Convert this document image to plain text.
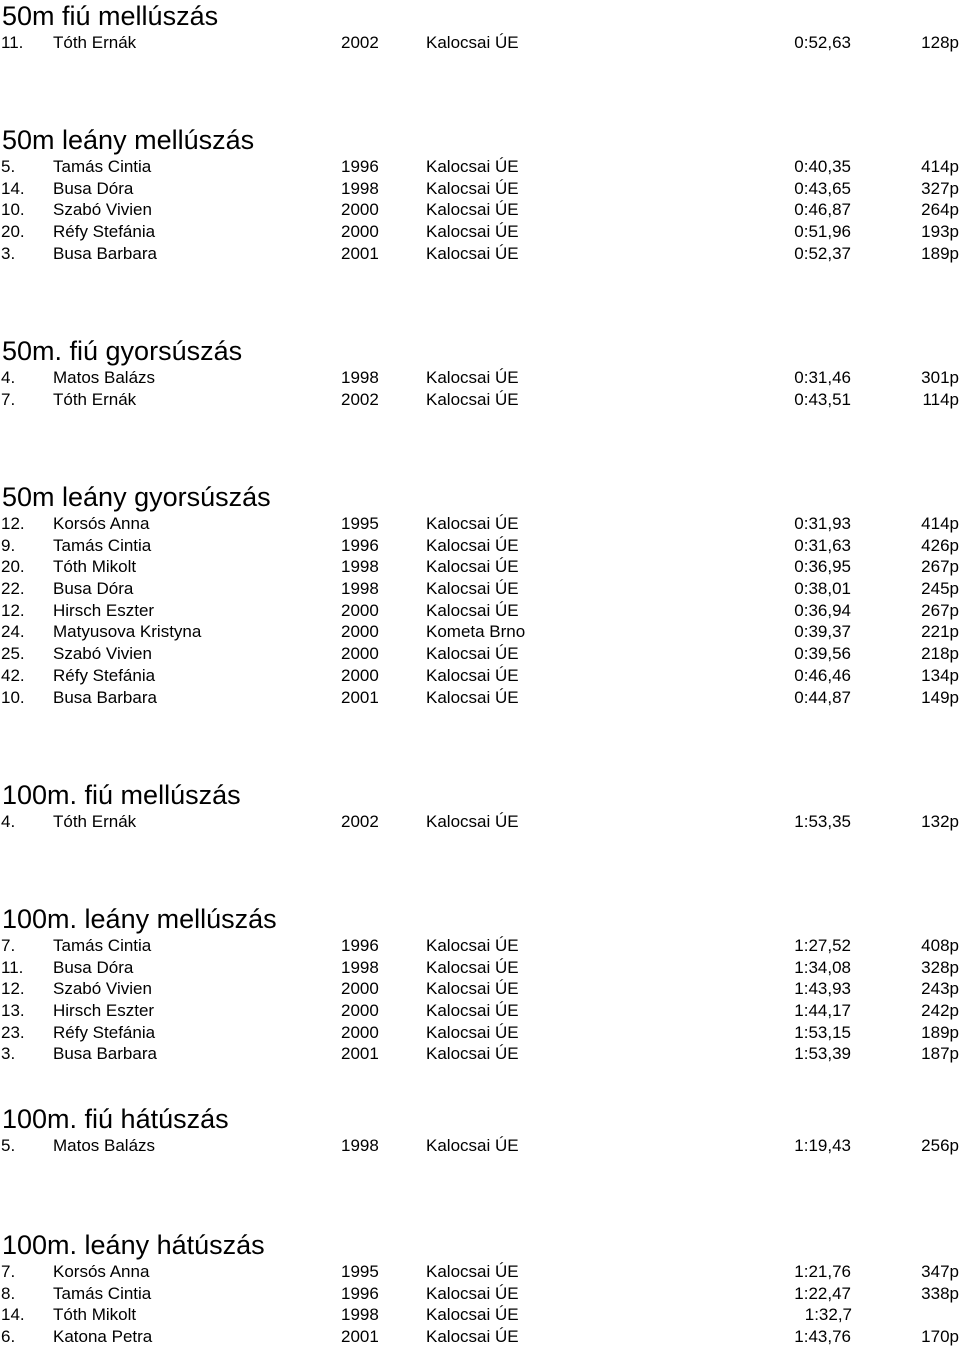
50m fiú mellúszás
11. Tóth Ernák	2002	Kalocsai ÚE	0:52,63	128p
50m leány mellúszás
5. Tamás Cintia	1996	Kalocsai ÚE	0:40,35	414p
14. Busa Dóra	1998	Kalocsai ÚE	0:43,65	327p
10. Szabó Vivien	2000	Kalocsai ÚE	0:46,87	264p
20. Réfy Stefánia	2000	Kalocsai ÚE	0:51,96	193p
3. Busa Barbara	2001	Kalocsai ÚE	0:52,37	189p
50m. fiú gyorsúszás
4. Matos Balázs	1998	Kalocsai ÚE	0:31,46	301p
7. Tóth Ernák	2002	Kalocsai ÚE	0:43,51	114p
50m leány gyorsúszás
12. Korsós Anna	1995	Kalocsai ÚE	0:31,93	414p
9. Tamás Cintia	1996	Kalocsai ÚE	0:31,63	426p
20. Tóth Mikolt	1998	Kalocsai ÚE	0:36,95	267p
22. Busa Dóra	1998	Kalocsai ÚE	0:38,01	245p
12. Hirsch Eszter	2000	Kalocsai ÚE	0:36,94	267p
24. Matyusova Kristyna	2000	Kometa Brno	0:39,37	221p
25. Szabó Vivien	2000	Kalocsai ÚE	0:39,56	218p
42. Réfy Stefánia	2000	Kalocsai ÚE	0:46,46	134p
10. Busa Barbara	2001	Kalocsai ÚE	0:44,87	149p
100m. fiú mellúszás
4. Tóth Ernák	2002	Kalocsai ÚE	1:53,35	132p
100m. leány mellúszás
7. Tamás Cintia	1996	Kalocsai ÚE	1:27,52	408p
11. Busa Dóra	1998	Kalocsai ÚE	1:34,08	328p
12. Szabó Vivien	2000	Kalocsai ÚE	1:43,93	243p
13. Hirsch Eszter	2000	Kalocsai ÚE	1:44,17	242p
23. Réfy Stefánia	2000	Kalocsai ÚE	1:53,15	189p
3. Busa Barbara	2001	Kalocsai ÚE	1:53,39	187p
100m. fiú hátúszás
5. Matos Balázs	1998	Kalocsai ÚE	1:19,43	256p
100m. leány hátúszás
7. Korsós Anna	1995	Kalocsai ÚE	1:21,76	347p
8. Tamás Cintia	1996	Kalocsai ÚE	1:22,47	338p
14. Tóth Mikolt	1998	Kalocsai ÚE	1:32,7
6. Katona Petra	2001	Kalocsai ÚE	1:43,76	170p
